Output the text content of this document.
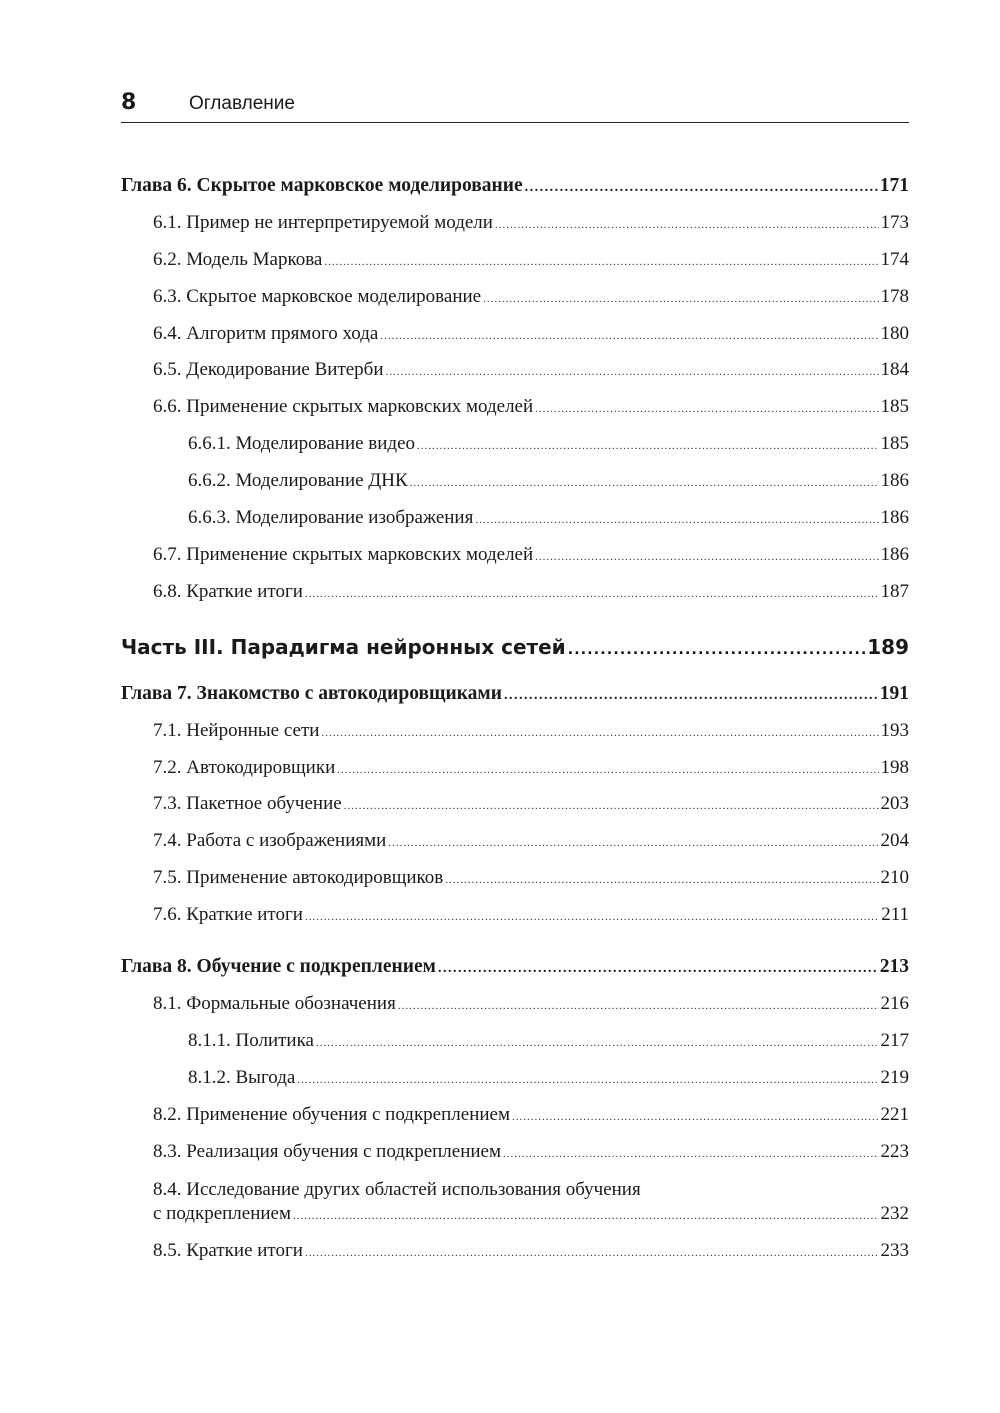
8	Оглавление
Глава 6. Скрытое марковское моделирование .....	171
6.1. Пример не интерпретируемой модели .....	173
6.2. Модель Маркова .....	174
6.3. Скрытое марковское моделирование .....	178
6.4. Алгоритм прямого хода .....	180
6.5. Декодирование Витерби .....	184
6.6. Применение скрытых марковских моделей .....	185
6.6.1. Моделирование видео .....	185
6.6.2. Моделирование ДНК .....	186
6.6.3. Моделирование изображения .....	186
6.7. Применение скрытых марковских моделей .....	186
6.8. Краткие итоги .....	187
Часть III. Парадигма нейронных сетей .....	189
Глава 7. Знакомство с автокодировщиками .....	191
7.1. Нейронные сети .....	193
7.2. Автокодировщики .....	198
7.3. Пакетное обучение .....	203
7.4. Работа с изображениями .....	204
7.5. Применение автокодировщиков .....	210
7.6. Краткие итоги .....	211
Глава 8. Обучение с подкреплением .....	213
8.1. Формальные обозначения .....	216
8.1.1. Политика .....	217
8.1.2. Выгода .....	219
8.2. Применение обучения с подкреплением .....	221
8.3. Реализация обучения с подкреплением .....	223
8.4. Исследование других областей использования обучения
с подкреплением .....	232
8.5. Краткие итоги .....	233
